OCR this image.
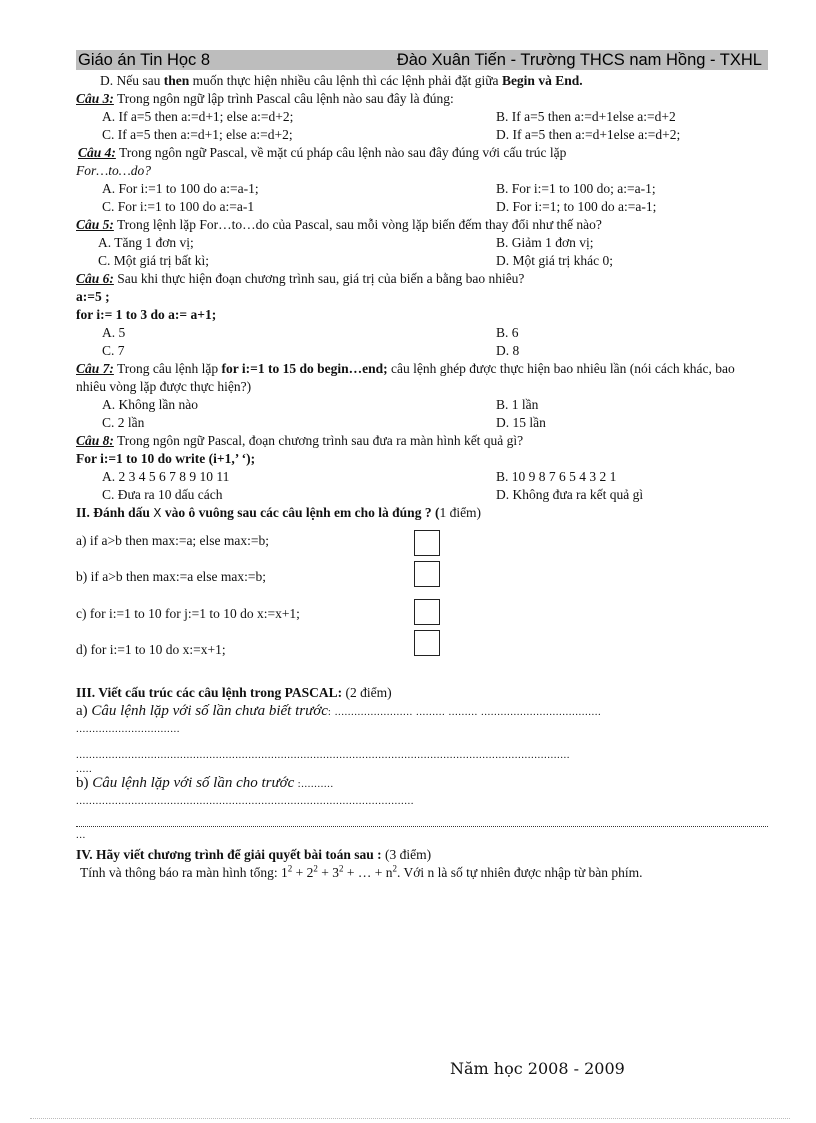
Giáo án Tin Học 8	Đào Xuân Tiến - Trường THCS nam Hồng - TXHL
D. Nếu sau then muốn thực hiện nhiều câu lệnh thì các lệnh phải đặt giữa Begin và End.
Câu 3: Trong ngôn ngữ lập trình Pascal câu lệnh nào sau đây là đúng:
A. If a=5 then a:=d+1; else a:=d+2;	B. If a=5 then a:=d+1else a:=d+2
C. If a=5 then a:=d+1; else a:=d+2;	D. If a=5 then a:=d+1else a:=d+2;
Câu 4: Trong ngôn ngữ Pascal, về mặt cú pháp câu lệnh nào sau đây đúng với cấu trúc lặp
For…to…do?
A. For i:=1 to 100 do a:=a-1;	B. For i:=1 to 100 do; a:=a-1;
C. For i:=1 to 100 do a:=a-1	D. For i:=1; to 100 do a:=a-1;
Câu 5: Trong lệnh lặp For…to…do của Pascal, sau mỗi vòng lặp biến đếm thay đổi như thế nào?
A. Tăng 1 đơn vị;	B. Giảm 1 đơn vị;
C. Một giá trị bất kì;	D. Một giá trị khác 0;
Câu 6: Sau khi thực hiện đoạn chương trình sau, giá trị của biến a bằng bao nhiêu?
a:=5 ;
for i:= 1 to 3 do a:= a+1;
A. 5	B. 6
C. 7	D. 8
Câu 7: Trong câu lệnh lặp for i:=1 to 15 do begin…end; câu lệnh ghép được thực hiện bao nhiêu lần (nói cách khác, bao nhiêu vòng lặp được thực hiện?)
A. Không lần nào	B. 1 lần
C. 2 lần	D. 15 lần
Câu 8: Trong ngôn ngữ Pascal, đoạn chương trình sau đưa ra màn hình kết quả gì?
For i:=1 to 10 do write (i+1,’ ‘);
A. 2 3 4 5 6 7 8 9 10 11	B. 10 9 8 7 6 5 4 3 2 1
C. Đưa ra 10 dấu cách	D. Không đưa ra kết quả gì
II. Đánh dấu X vào ô vuông sau các câu lệnh em cho là đúng ? (1 điểm)
a) if a>b then max:=a; else max:=b;
b) if a>b then max:=a else max:=b;
c) for i:=1 to 10 for j:=1 to 10 do x:=x+1;
d) for i:=1 to 10 do x:=x+1;
III. Viết cấu trúc các câu lệnh trong PASCAL: (2 điểm)
a) Câu lệnh lặp với số lần chưa biết trước: ........................ ......... ......... .....................................
................................
........................................................................................................................................................
.....
b) Câu lệnh lặp với số lần cho trước :..........
........................................................................................................
...
IV. Hãy viết chương trình để giải quyết bài toán sau : (3 điểm)
Tính và thông báo ra màn hình tổng: $1^2 + 2^2 + 3^2$ + … + $n^2$. Với n là số tự nhiên được nhập từ bàn phím.
Năm học 2008 - 2009
